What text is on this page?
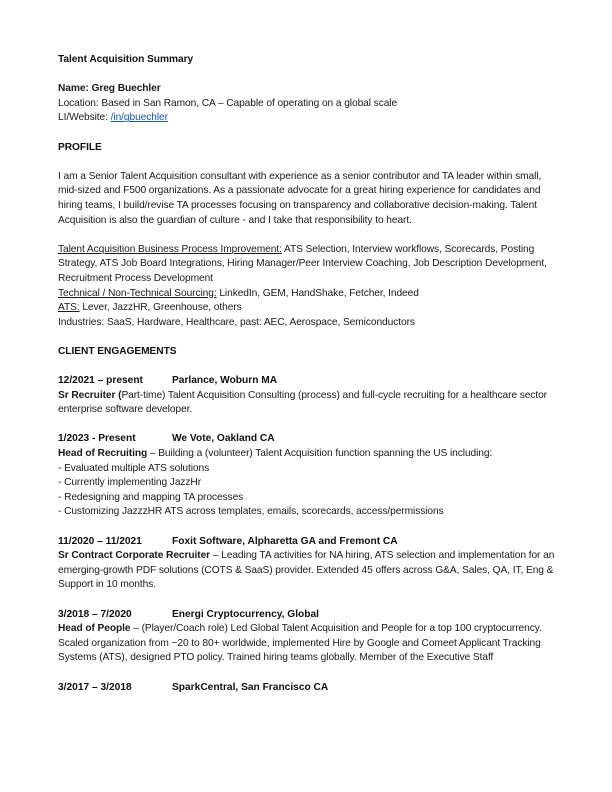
Talent Acquisition Summary
Name: Greg Buechler
Location: Based in San Ramon, CA – Capable of operating on a global scale
LI/Website: /in/gbuechler
PROFILE
I am a Senior Talent Acquisition consultant with experience as a senior contributor and TA leader within small, mid-sized and F500 organizations. As a passionate advocate for a great hiring experience for candidates and hiring teams, I build/revise TA processes focusing on transparency and collaborative decision-making. Talent Acquisition is also the guardian of culture - and I take that responsibility to heart.
Talent Acquisition Business Process Improvement: ATS Selection, Interview workflows, Scorecards, Posting Strategy, ATS Job Board Integrations, Hiring Manager/Peer Interview Coaching, Job Description Development, Recruitment Process Development
Technical / Non-Technical Sourcing: LinkedIn, GEM, HandShake, Fetcher, Indeed
ATS: Lever, JazzHR, Greenhouse, others
Industries: SaaS, Hardware, Healthcare, past: AEC, Aerospace, Semiconductors
CLIENT ENGAGEMENTS
12/2021 – present	Parlance, Woburn MA
Sr Recruiter (Part-time) Talent Acquisition Consulting (process) and full-cycle recruiting for a healthcare sector enterprise software developer.
1/2023 - Present	We Vote, Oakland CA
Head of Recruiting – Building a (volunteer) Talent Acquisition function spanning the US including:
- Evaluated multiple ATS solutions
- Currently implementing JazzHr
- Redesigning and mapping TA processes
- Customizing JazzzHR ATS across templates, emails, scorecards, access/permissions
11/2020 – 11/2021	Foxit Software, Alpharetta GA and Fremont CA
Sr Contract Corporate Recruiter – Leading TA activities for NA hiring, ATS selection and implementation for an emerging-growth PDF solutions (COTS & SaaS) provider. Extended 45 offers across G&A, Sales, QA, IT, Eng & Support in 10 months.
3/2018 – 7/2020	Energi Cryptocurrency, Global
Head of People – (Player/Coach role) Led Global Talent Acquisition and People for a top 100 cryptocurrency. Scaled organization from ~20 to 80+ worldwide, implemented Hire by Google and Comeet Applicant Tracking Systems (ATS), designed PTO policy. Trained hiring teams globally. Member of the Executive Staff
3/2017 – 3/2018	SparkCentral, San Francisco CA
